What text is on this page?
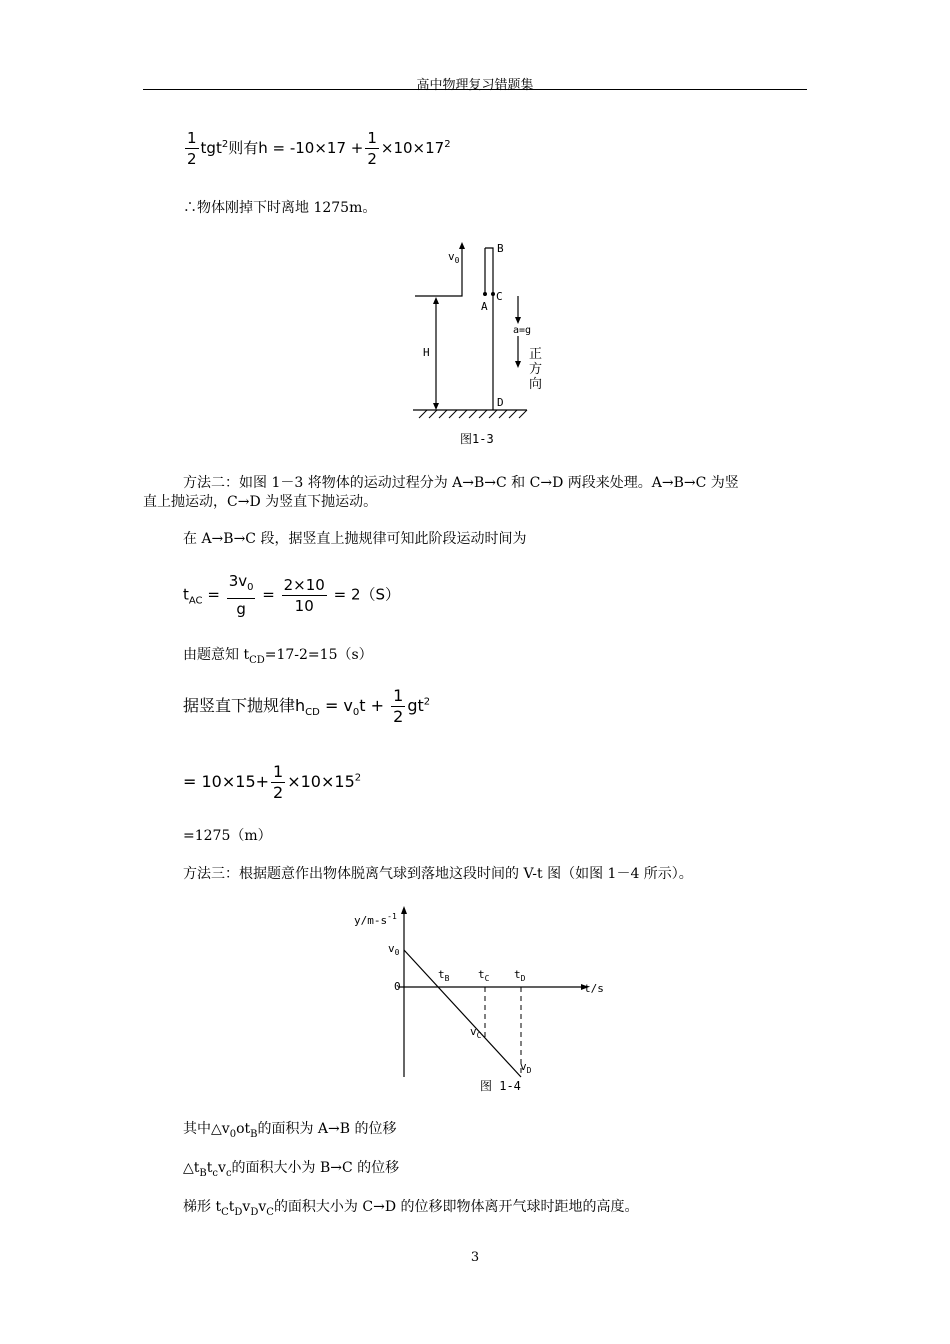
高中物理复习错题集
$\frac{1}{2} tgt^2$则有$h = -10\times 17 + \frac{1}{2} \times 10\times 17^2$
∴物体刚掉下时离地 1275m。
$v_0$
B
A
C
D
H
a=g
正
方
向
图1-3
方法二：如图 1－3 将物体的运动过程分为 A→B→C 和 C→D 两段来处理。A→B→C 为竖
直上抛运动，C→D 为竖直下抛运动。
在 A→B→C 段，据竖直上抛规律可知此阶段运动时间为
$t_{AC} = \frac{3v_0}{g} = \frac{2\times 10}{10} = 2(S)$
由题意知 $t_{CD}=17-2=15(s)$
据竖直下抛规律$h_{CD} = v_0t + \frac{1}{2} gt^2$
= $10\times 15+ \frac{1}{2} \times 10\times 15^2$
=1275（m）
方法三：根据题意作出物体脱离气球到落地这段时间的 V-t 图（如图 1－4 所示）。
$y/m-s^{-1}$
$v_0$
0
$t_B$	$t_C$ $t_D$
$v_C$
$v_D$
t/s
图 1-4
其中$\triangle v_0ot_B$的面积为 A→B 的位移
$\triangle t_Bt_cv_c$的面积大小为 B→C 的位移
梯形 $t_Ct_Dv_Dv_C$的面积大小为 C→D 的位移即物体离开气球时距地的高度。
3
